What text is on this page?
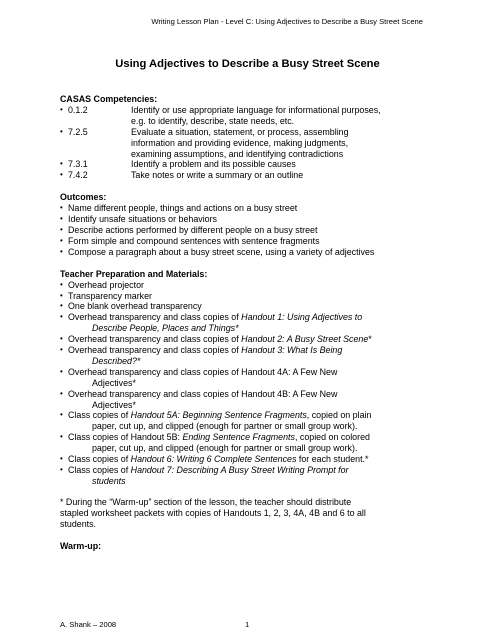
Writing Lesson Plan - Level C: Using Adjectives to Describe a Busy Street Scene
Using Adjectives to Describe a Busy Street Scene
CASAS Competencies:
• 0.1.2	Identify or use appropriate language for informational purposes,
e.g. to identify, describe, state needs, etc.
• 7.2.5	Evaluate a situation, statement, or process, assembling
information and providing evidence, making judgments,
examining assumptions, and identifying contradictions
• 7.3.1	Identify a problem and its possible causes
• 7.4.2	Take notes or write a summary or an outline
Outcomes:
• Name different people, things and actions on a busy street
• Identify unsafe situations or behaviors
• Describe actions performed by different people on a busy street
• Form simple and compound sentences with sentence fragments
• Compose a paragraph about a busy street scene, using a variety of adjectives
Teacher Preparation and Materials:
• Overhead projector
• Transparency marker
• One blank overhead transparency
• Overhead transparency and class copies of Handout 1: Using Adjectives to
Describe People, Places and Things*
• Overhead transparency and class copies of Handout 2: A Busy Street Scene*
• Overhead transparency and class copies of Handout 3: What Is Being
Described?*
• Overhead transparency and class copies of Handout 4A: A Few New
Adjectives*
• Overhead transparency and class copies of Handout 4B: A Few New
Adjectives*
• Class copies of Handout 5A: Beginning Sentence Fragments, copied on plain
paper, cut up, and clipped (enough for partner or small group work).
• Class copies of Handout 5B: Ending Sentence Fragments, copied on colored
paper, cut up, and clipped (enough for partner or small group work).
• Class copies of Handout 6: Writing 6 Complete Sentences for each student.*
• Class copies of Handout 7: Describing A Busy Street Writing Prompt for
students
* During the “Warm-up” section of the lesson, the teacher should distribute
stapled worksheet packets with copies of Handouts 1, 2, 3, 4A, 4B and 6 to all
students.
Warm-up:
A. Shank – 2008	1
